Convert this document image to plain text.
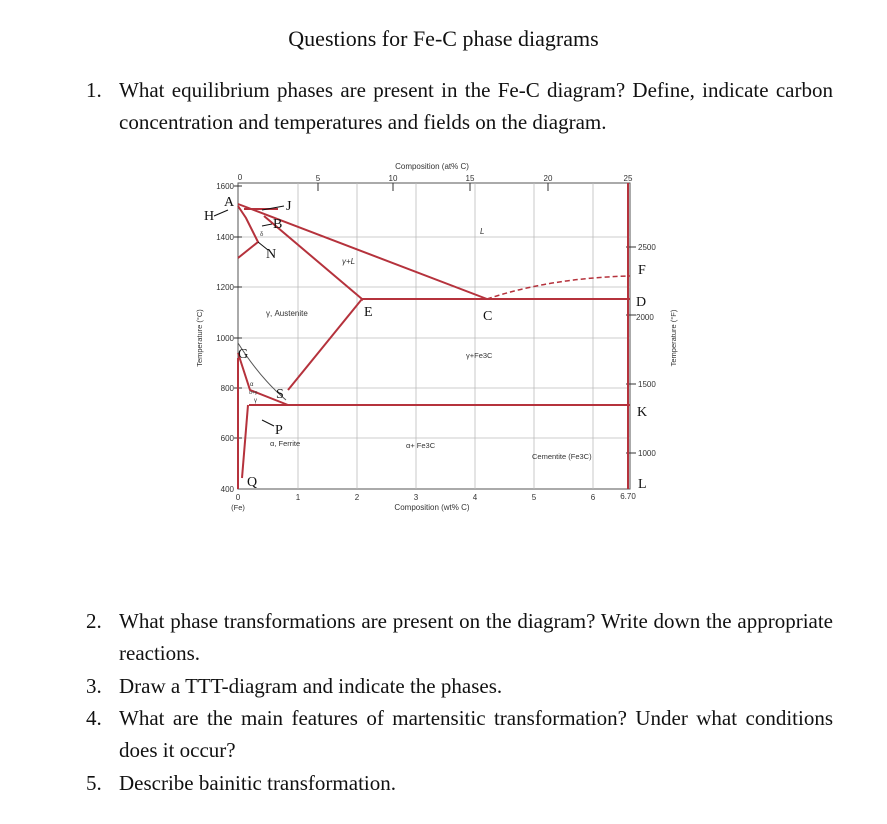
Questions for Fe-C phase diagrams
1. What equilibrium phases are present in the Fe-C diagram? Define, indicate carbon concentration and temperatures and fields on the diagram.
Composition (at% C)
Composition (wt% C)
Temperature (°C)	Temperature (°F)
0	5	10	15	20	25
0	1	2	3	4	5	6	6.70
(Fe)
1600
1400
1200
1000
800
600
400
2500
2000
1500
1000
L
γ+L
γ, Austenite
γ+Fe3C
α, Ferrite	α+ Fe3C
Cementite (Fe3C)
α
α+γ
δ
γ
A
H
J
B
N
E	C
F
D
G
S
P
Q
K
L
2. What phase transformations are present on the diagram? Write down the appropriate reactions.
3. Draw a TTT-diagram and indicate the phases.
4. What are the main features of martensitic transformation? Under what conditions does it occur?
5. Describe bainitic transformation.
